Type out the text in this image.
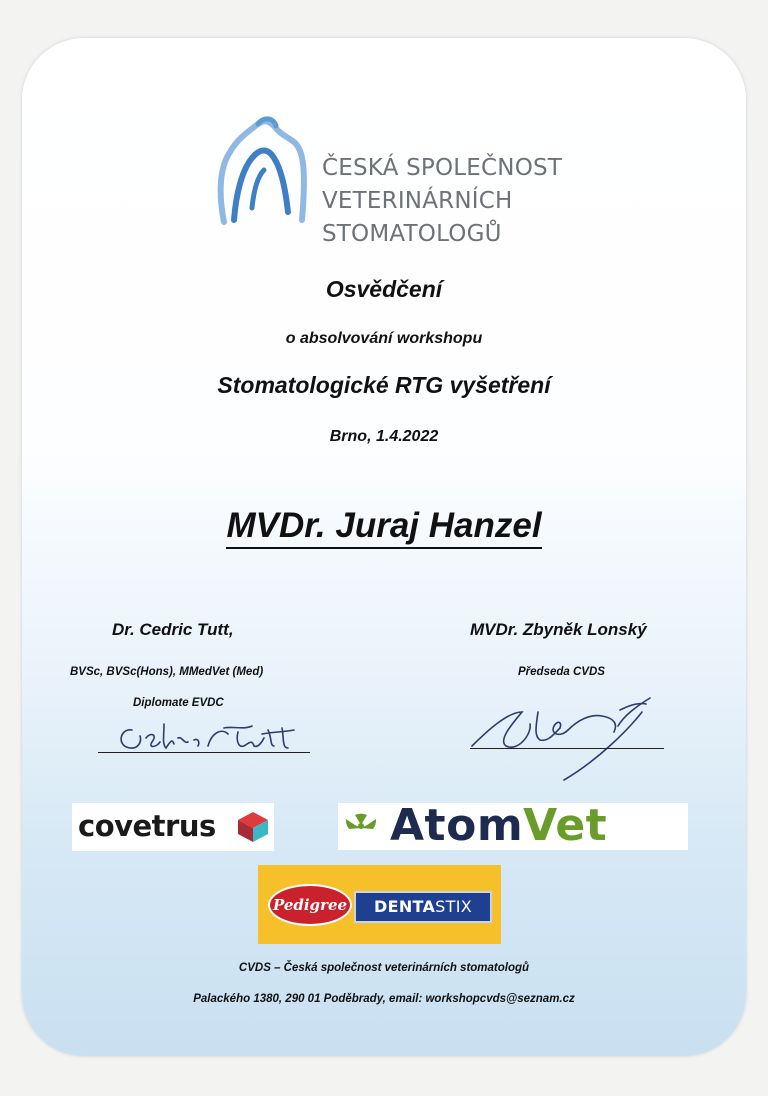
ČESKÁ SPOLEČNOST
VETERINÁRNÍCH
STOMATOLOGŮ
Osvědčení
o absolvování workshopu
Stomatologické RTG vyšetření
Brno, 1.4.2022
MVDr. Juraj Hanzel
Dr. Cedric Tutt,
BVSc, BVSc(Hons), MMedVet (Med)
Diplomate EVDC
MVDr. Zbyněk Lonský
Předseda CVDS
covetrus	AtomVet
Pedigree	DENTASTIX
CVDS – Česká společnost veterinárních stomatologů
Palackého 1380, 290 01 Poděbrady, email: workshopcvds@seznam.cz
